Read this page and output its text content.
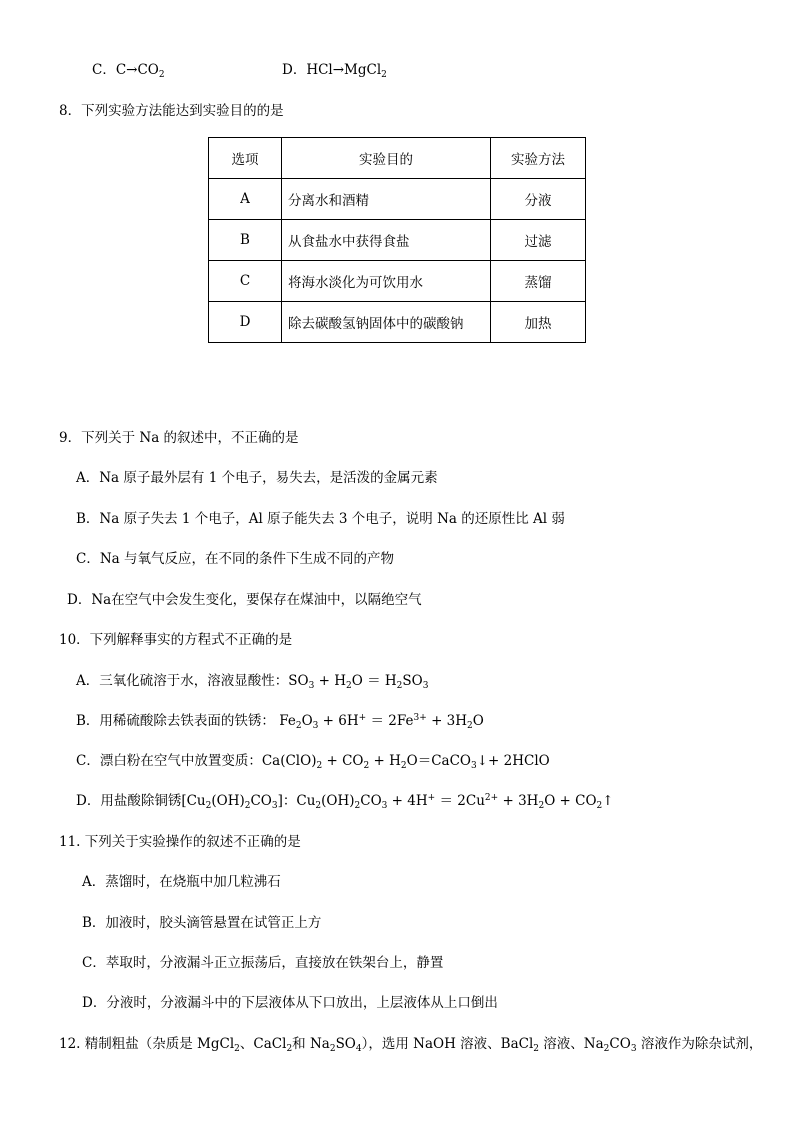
C．$C\to CO_2$	D．HCl→MgCl$_2$
8．下列实验方法能达到实验目的的是
选项	实验目的	实验方法
A	分离水和酒精	分液
B	从食盐水中获得食盐	过滤
C	将海水淡化为可饮用水	蒸馏
D	除去碳酸氢钠固体中的碳酸钠	加热
9．下列关于 Na 的叙述中，不正确的是
A．Na 原子最外层有 1 个电子，易失去，是活泼的金属元素
B．Na 原子失去 1 个电子，Al 原子能失去 3 个电子，说明 Na 的还原性比 Al 弱
C．Na 与氧气反应，在不同的条件下生成不同的产物
D．Na在空气中会发生变化，要保存在煤油中，以隔绝空气
10．下列解释事实的方程式不正确的是
A．三氧化硫溶于水，溶液显酸性：$SO_3 + H_2O = H_2SO_3$
B．用稀硫酸除去铁表面的铁锈： $Fe_2O_3 + 6H^+ = 2Fe^{3+} + 3H_2O$
C．漂白粉在空气中放置变质：$Ca(ClO)_2 + CO_2$ + $H_2O=CaCO_3↓+$ 2HClO
D．用盐酸除铜锈$[Cu_2(OH)_2CO_3]$：$Cu_2(OH)_2CO_3 + 4H^+ = 2Cu^{2+} + 3H_2O$ + $CO_2↑$
11. 下列关于实验操作的叙述不正确的是
A．蒸馏时，在烧瓶中加几粒沸石
B．加液时，胶头滴管悬置在试管正上方
C．萃取时，分液漏斗正立振荡后，直接放在铁架台上，静置
D．分液时，分液漏斗中的下层液体从下口放出，上层液体从上口倒出
12. 精制粗盐（杂质是 MgCl$_2$、CaCl$_2$和 $Na_2SO_4$），选用 NaOH 溶液、BaCl$_2$ 溶液、$Na_2CO_3$ 溶液作为除杂试剂，
